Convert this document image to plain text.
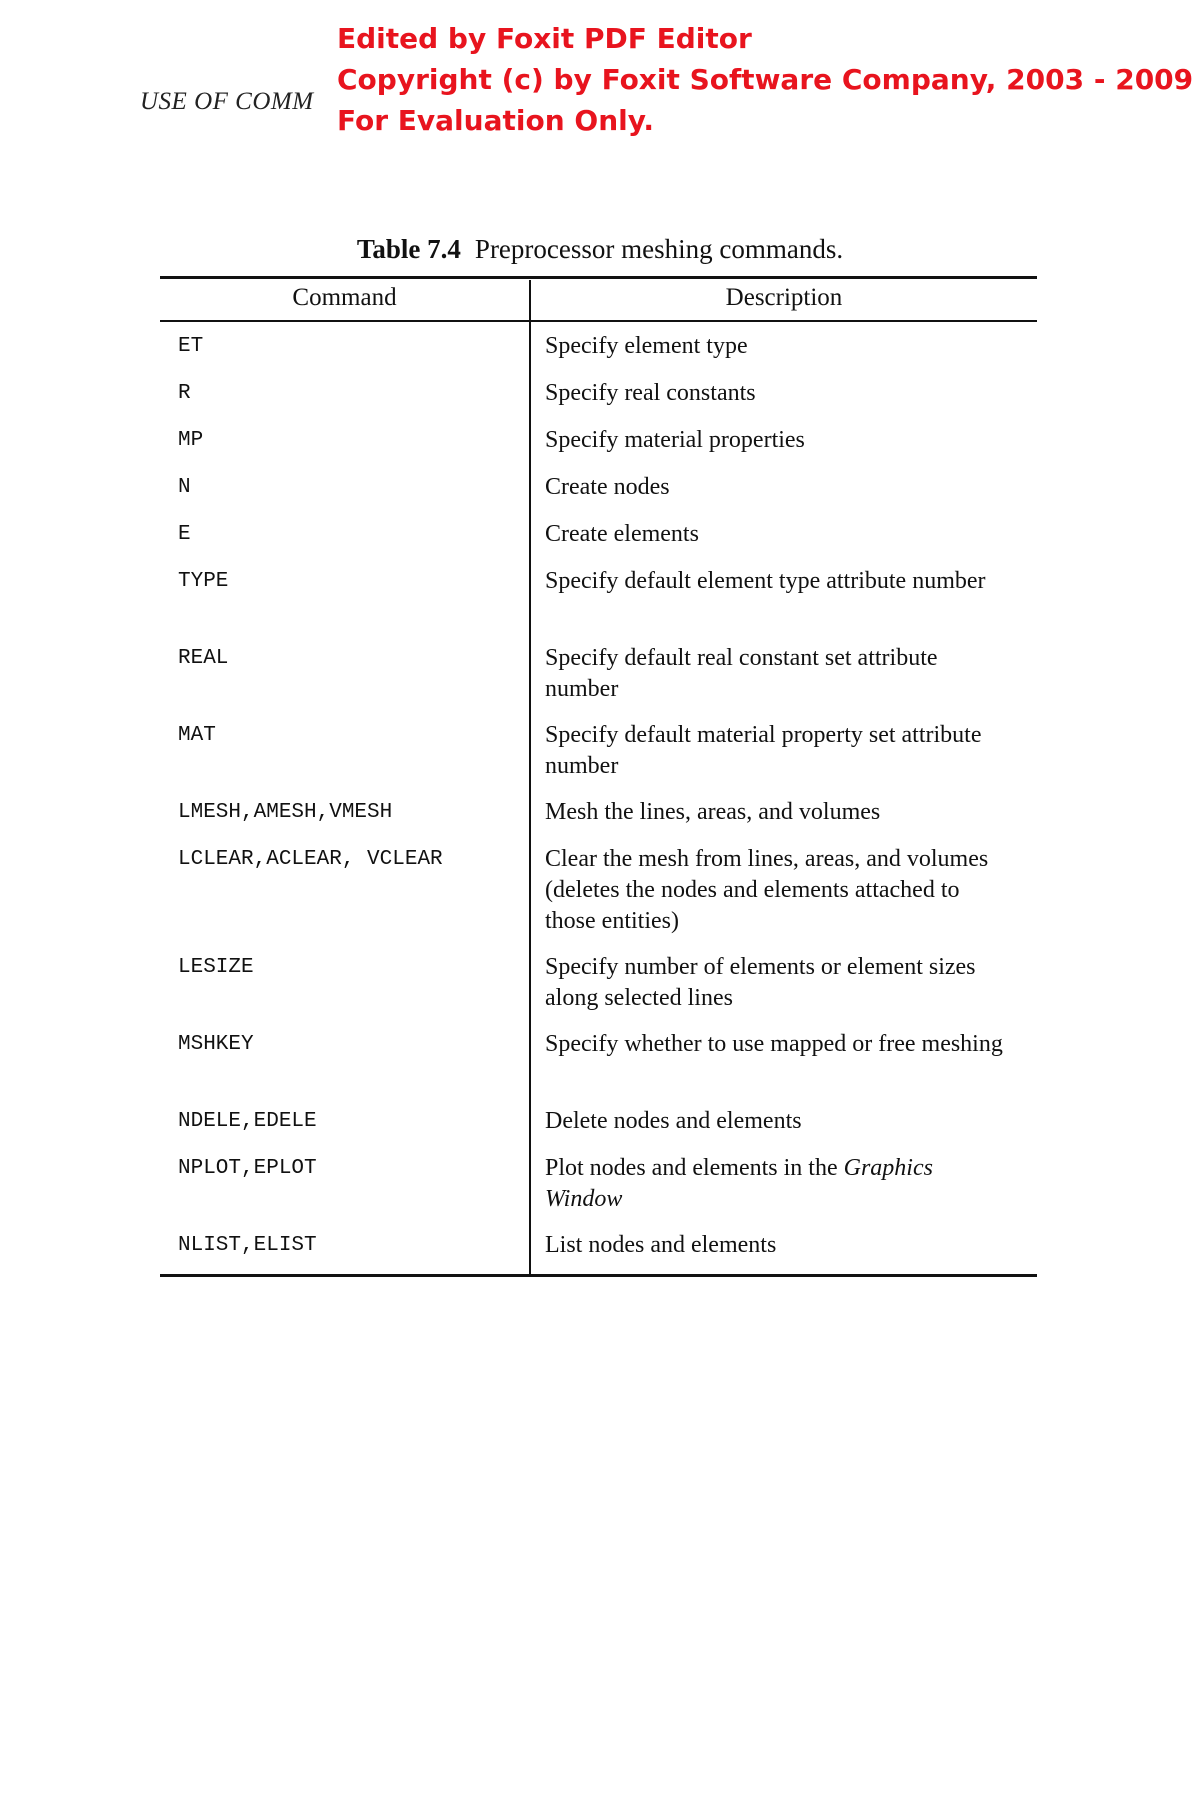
USE OF COMM
Edited by Foxit PDF Editor
Copyright (c) by Foxit Software Company, 2003 - 2009
For Evaluation Only.
Table 7.4 Preprocessor meshing commands.
Command	Description
ET	Specify element type
R	Specify real constants
MP	Specify material properties
N	Create nodes
E	Create elements
TYPE	Specify default element type attribute number
REAL	Specify default real constant set attribute number
MAT	Specify default material property set attribute number
LMESH,AMESH,VMESH	Mesh the lines, areas, and volumes
LCLEAR,ACLEAR, VCLEAR	Clear the mesh from lines, areas, and volumes (deletes the nodes and elements attached to those entities)
LESIZE	Specify number of elements or element sizes along selected lines
MSHKEY	Specify whether to use mapped or free meshing
NDELE,EDELE	Delete nodes and elements
NPLOT,EPLOT	Plot nodes and elements in the Graphics Window
NLIST,ELIST	List nodes and elements
